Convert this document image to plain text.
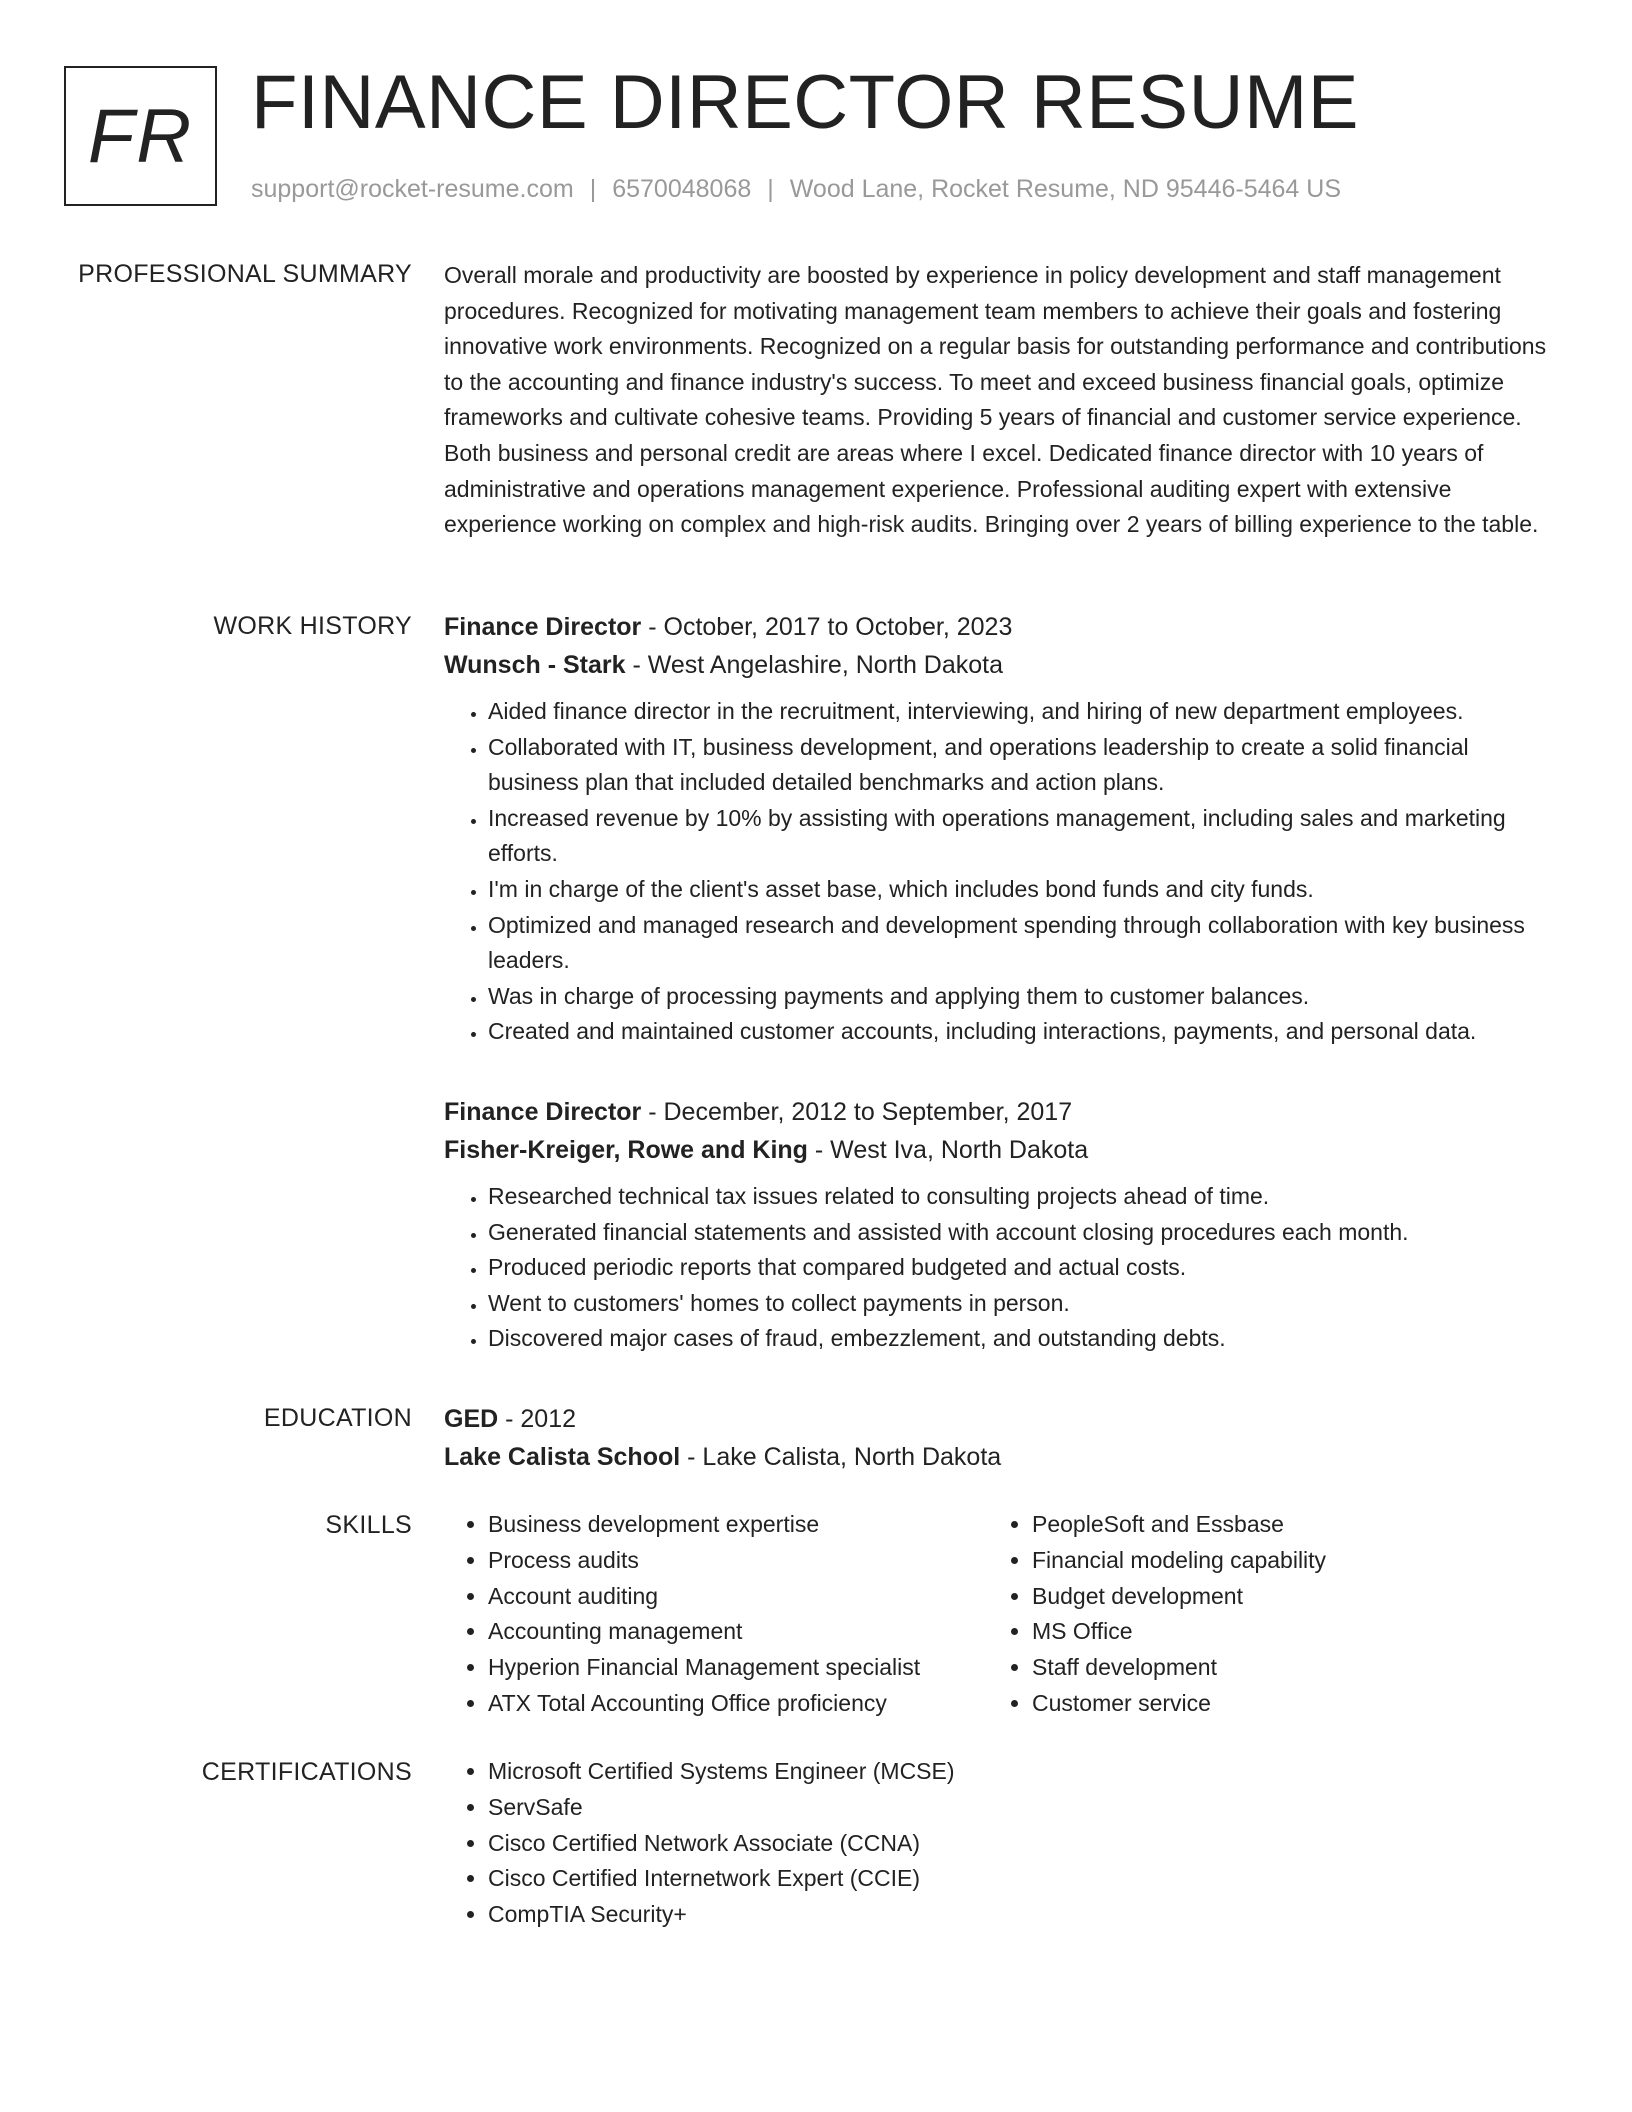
FR FINANCE DIRECTOR RESUME
support@rocket-resume.com | 6570048068 | Wood Lane, Rocket Resume, ND 95446-5464 US
PROFESSIONAL SUMMARY Overall morale and productivity are boosted by experience in policy development and staff management procedures. Recognized for motivating management team members to achieve their goals and fostering innovative work environments. Recognized on a regular basis for outstanding performance and contributions to the accounting and finance industry's success. To meet and exceed business financial goals, optimize frameworks and cultivate cohesive teams. Providing 5 years of financial and customer service experience. Both business and personal credit are areas where I excel. Dedicated finance director with 10 years of administrative and operations management experience. Professional auditing expert with extensive experience working on complex and high-risk audits. Bringing over 2 years of billing experience to the table.
WORK HISTORY Finance Director - October, 2017 to October, 2023
Wunsch - Stark - West Angelashire, North Dakota
• Aided finance director in the recruitment, interviewing, and hiring of new department employees.
• Collaborated with IT, business development, and operations leadership to create a solid financial business plan that included detailed benchmarks and action plans.
• Increased revenue by 10% by assisting with operations management, including sales and marketing efforts.
• I'm in charge of the client's asset base, which includes bond funds and city funds.
• Optimized and managed research and development spending through collaboration with key business leaders.
• Was in charge of processing payments and applying them to customer balances.
• Created and maintained customer accounts, including interactions, payments, and personal data.
Finance Director - December, 2012 to September, 2017
Fisher-Kreiger, Rowe and King - West Iva, North Dakota
• Researched technical tax issues related to consulting projects ahead of time.
• Generated financial statements and assisted with account closing procedures each month.
• Produced periodic reports that compared budgeted and actual costs.
• Went to customers' homes to collect payments in person.
• Discovered major cases of fraud, embezzlement, and outstanding debts.
EDUCATION GED - 2012
Lake Calista School - Lake Calista, North Dakota
SKILLS	• Business development expertise
• Process audits
• Account auditing
• Accounting management
• Hyperion Financial Management specialist
• ATX Total Accounting Office proficiency
• PeopleSoft and Essbase
• Financial modeling capability
• Budget development
• MS Office
• Staff development
• Customer service
CERTIFICATIONS	• Microsoft Certified Systems Engineer (MCSE)
• ServSafe
• Cisco Certified Network Associate (CCNA)
• Cisco Certified Internetwork Expert (CCIE)
• CompTIA Security+
